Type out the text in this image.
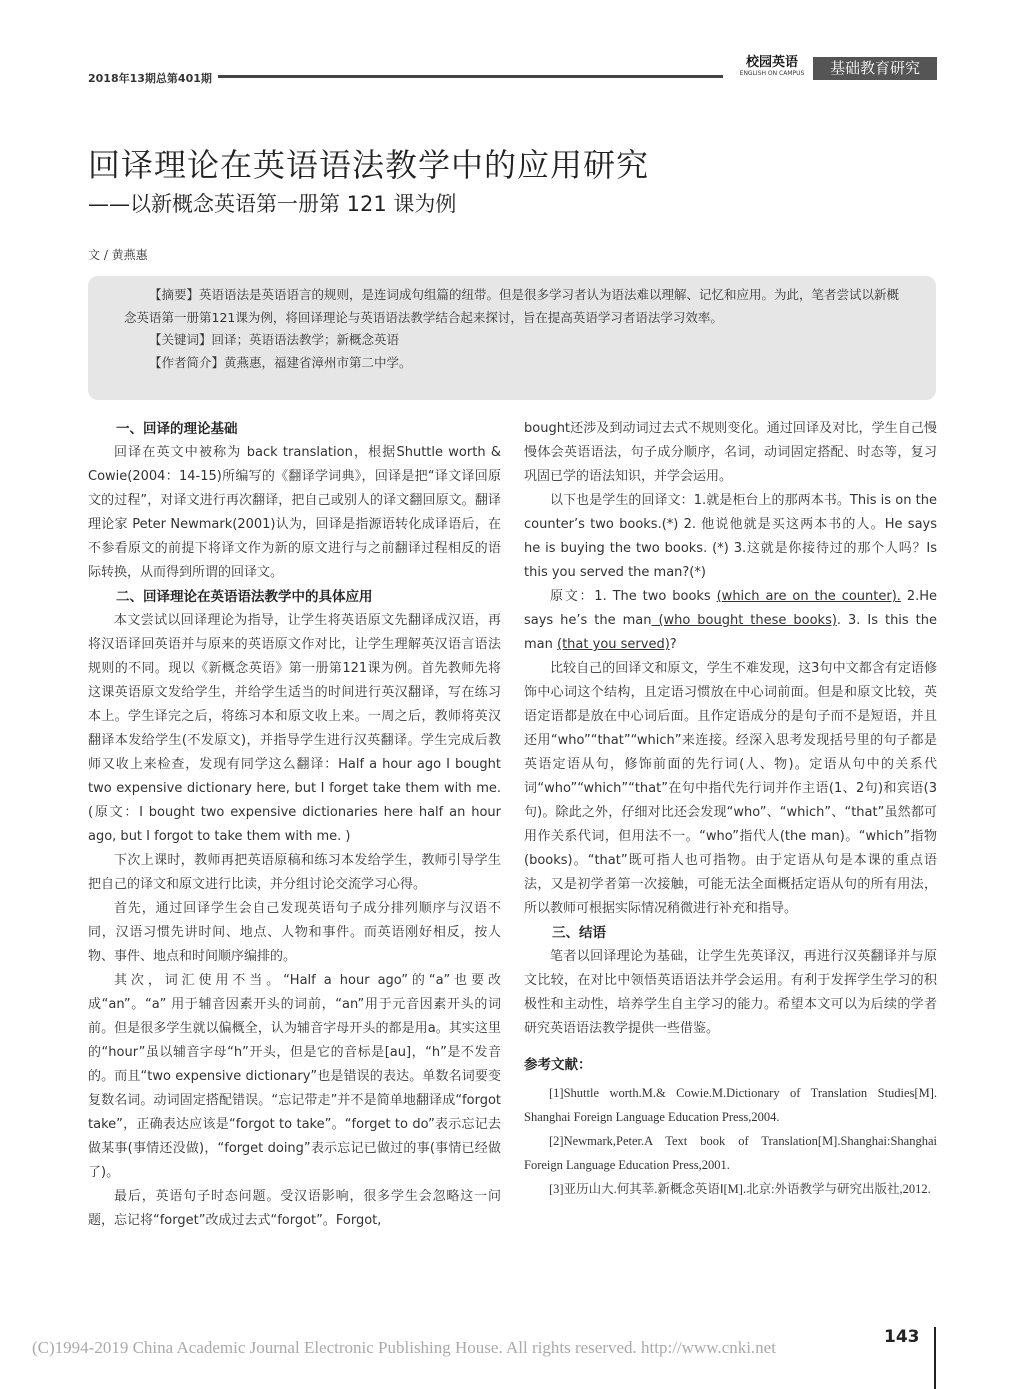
2018年13期总第401期
校园英语
ENGLISH ON CAMPUS	基础教育研究
回译理论在英语语法教学中的应用研究
——以新概念英语第一册第 121 课为例
文 / 黄燕惠

【摘要】英语语法是英语语言的规则，是连词成句组篇的纽带。但是很多学习者认为语法难以理解、记忆和应用。为此，笔者尝试以新概念英语第一册第121课为例，将回译理论与英语语法教学结合起来探讨，旨在提高英语学习者语法学习效率。

【关键词】回译；英语语法教学；新概念英语

【作者简介】黄燕惠，福建省漳州市第二中学。

一、回译的理论基础

回译在英文中被称为 back translation，根据Shuttle worth & Cowie(2004：14-15)所编写的《翻译学词典》，回译是把“译文译回原文的过程”，对译文进行再次翻译，把自己或别人的译文翻回原文。翻译理论家 Peter Newmark(2001)认为，回译是指源语转化成译语后，在不参看原文的前提下将译文作为新的原文进行与之前翻译过程相反的语际转换，从而得到所谓的回译文。

二、回译理论在英语语法教学中的具体应用

本文尝试以回译理论为指导，让学生将英语原文先翻译成汉语，再将汉语译回英语并与原来的英语原文作对比，让学生理解英汉语言语法规则的不同。现以《新概念英语》第一册第121课为例。首先教师先将这课英语原文发给学生，并给学生适当的时间进行英汉翻译，写在练习本上。学生译完之后，将练习本和原文收上来。一周之后，教师将英汉翻译本发给学生(不发原文)，并指导学生进行汉英翻译。学生完成后教师又收上来检查，发现有同学这么翻译：Half a hour ago I bought two expensive dictionary here, but I forget take them with me. (原文：I bought two expensive dictionaries here half an hour ago, but I forgot to take them with me. )

下次上课时，教师再把英语原稿和练习本发给学生，教师引导学生把自己的译文和原文进行比读，并分组讨论交流学习心得。

首先，通过回译学生会自己发现英语句子成分排列顺序与汉语不同，汉语习惯先讲时间、地点、人物和事件。而英语刚好相反，按人物、事件、地点和时间顺序编排的。

其次，词汇使用不当。“Half a hour ago”的“a”也要改成“an”。“a” 用于辅音因素开头的词前，“an”用于元音因素开头的词前。但是很多学生就以偏概全，认为辅音字母开头的都是用a。其实这里的“hour”虽以辅音字母“h”开头，但是它的音标是[au]，“h”是不发音的。而且“two expensive dictionary”也是错误的表达。单数名词要变复数名词。动词固定搭配错误。“忘记带走”并不是简单地翻译成“forgot take”，正确表达应该是“forgot to take”。“forget to do”表示忘记去做某事(事情还没做)，“forget doing”表示忘记已做过的事(事情已经做了)。

最后，英语句子时态问题。受汉语影响，很多学生会忽略这一问题，忘记将“forget”改成过去式“forgot”。Forgot,

bought还涉及到动词过去式不规则变化。通过回译及对比，学生自己慢慢体会英语语法，句子成分顺序，名词，动词固定搭配、时态等，复习巩固已学的语法知识，并学会运用。

以下也是学生的回译文：1.就是柜台上的那两本书。This is on the counter’s two books.(*) 2. 他说他就是买这两本书的人。He says he is buying the two books. (*) 3.这就是你接待过的那个人吗？Is this you served the man?(*)

原文：1. The two books (which are on the counter). 2.He says he’s the man (who bought these books). 3. Is this the man (that you served)?

比较自己的回译文和原文，学生不难发现，这3句中文都含有定语修饰中心词这个结构，且定语习惯放在中心词前面。但是和原文比较，英语定语都是放在中心词后面。且作定语成分的是句子而不是短语，并且还用“who”“that”“which”来连接。经深入思考发现括号里的句子都是英语定语从句，修饰前面的先行词(人、物)。定语从句中的关系代词“who”“which”“that”在句中指代先行词并作主语(1、2句)和宾语(3句)。除此之外，仔细对比还会发现“who”、“which”、“that”虽然都可用作关系代词，但用法不一。“who”指代人(the man)。“which”指物(books)。“that”既可指人也可指物。由于定语从句是本课的重点语法，又是初学者第一次接触，可能无法全面概括定语从句的所有用法，所以教师可根据实际情况稍微进行补充和指导。

三、结语

笔者以回译理论为基础，让学生先英译汉，再进行汉英翻译并与原文比较，在对比中领悟英语语法并学会运用。有利于发挥学生学习的积极性和主动性，培养学生自主学习的能力。希望本文可以为后续的学者研究英语语法教学提供一些借鉴。

参考文献：

[1]Shuttle worth.M.& Cowie.M.Dictionary of Translation Studies[M]. Shanghai Foreign Language Education Press,2004.

[2]Newmark,Peter.A Text book of Translation[M].Shanghai:Shanghai Foreign Language Education Press,2001.

[3]亚历山大.何其莘.新概念英语Ⅰ[M].北京:外语教学与研究出版社,2012.

(C)1994-2019 China Academic Journal Electronic Publishing House. All rights reserved. http://www.cnki.net
143
